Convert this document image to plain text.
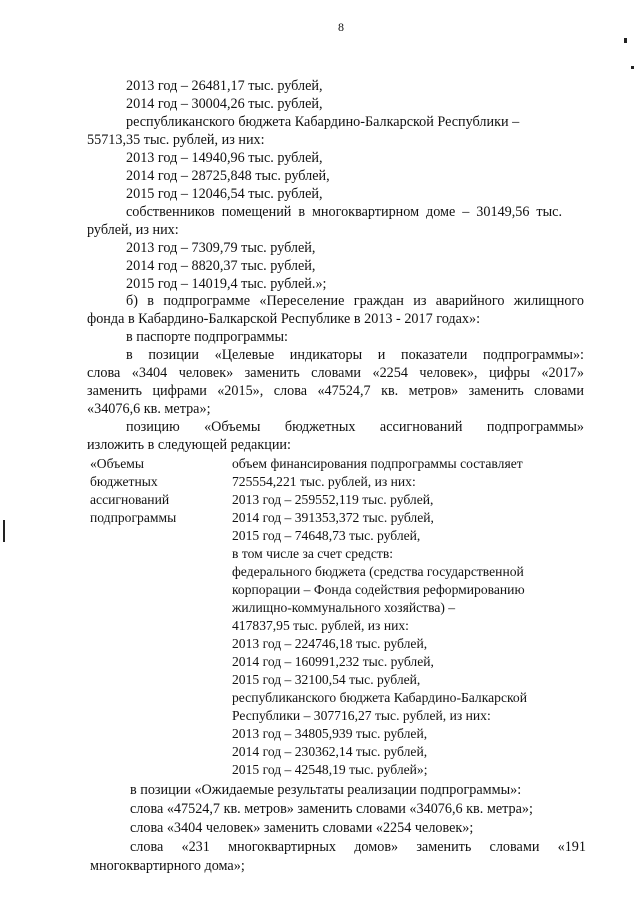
8
2013 год – 26481,17 тыс. рублей,
2014 год – 30004,26 тыс. рублей,
республиканского бюджета Кабардино-Балкарской Республики –
55713,35 тыс. рублей, из них:
2013 год – 14940,96 тыс. рублей,
2014 год – 28725,848 тыс. рублей,
2015 год – 12046,54 тыс. рублей,
собственников помещений в многоквартирном доме – 30149,56 тыс.
рублей, из них:
2013 год – 7309,79 тыс. рублей,
2014 год – 8820,37 тыс. рублей,
2015 год – 14019,4 тыс. рублей.»;
б) в подпрограмме «Переселение граждан из аварийного жилищного
фонда в Кабардино-Балкарской Республике в 2013 - 2017 годах»:
в паспорте подпрограммы:
в позиции «Целевые индикаторы и показатели подпрограммы»:
слова «3404 человек» заменить словами «2254 человек», цифры «2017»
заменить цифрами «2015», слова «47524,7 кв. метров» заменить словами
«34076,6 кв. метра»;
позицию «Объемы бюджетных ассигнований подпрограммы»
изложить в следующей редакции:
«Объемы
бюджетных
ассигнований
подпрограммы
объем финансирования подпрограммы составляет
725554,221 тыс. рублей, из них:
2013 год – 259552,119 тыс. рублей,
2014 год – 391353,372 тыс. рублей,
2015 год – 74648,73 тыс. рублей,
в том числе за счет средств:
федерального бюджета (средства государственной
корпорации – Фонда содействия реформированию
жилищно-коммунального хозяйства) –
417837,95 тыс. рублей, из них:
2013 год – 224746,18 тыс. рублей,
2014 год – 160991,232 тыс. рублей,
2015 год – 32100,54 тыс. рублей,
республиканского бюджета Кабардино-Балкарской
Республики – 307716,27 тыс. рублей, из них:
2013 год – 34805,939 тыс. рублей,
2014 год – 230362,14 тыс. рублей,
2015 год – 42548,19 тыс. рублей»;
в позиции «Ожидаемые результаты реализации подпрограммы»:
слова «47524,7 кв. метров» заменить словами «34076,6 кв. метра»;
слова «3404 человек» заменить словами «2254 человек»;
слова «231 многоквартирных домов» заменить словами «191
многоквартирного дома»;
